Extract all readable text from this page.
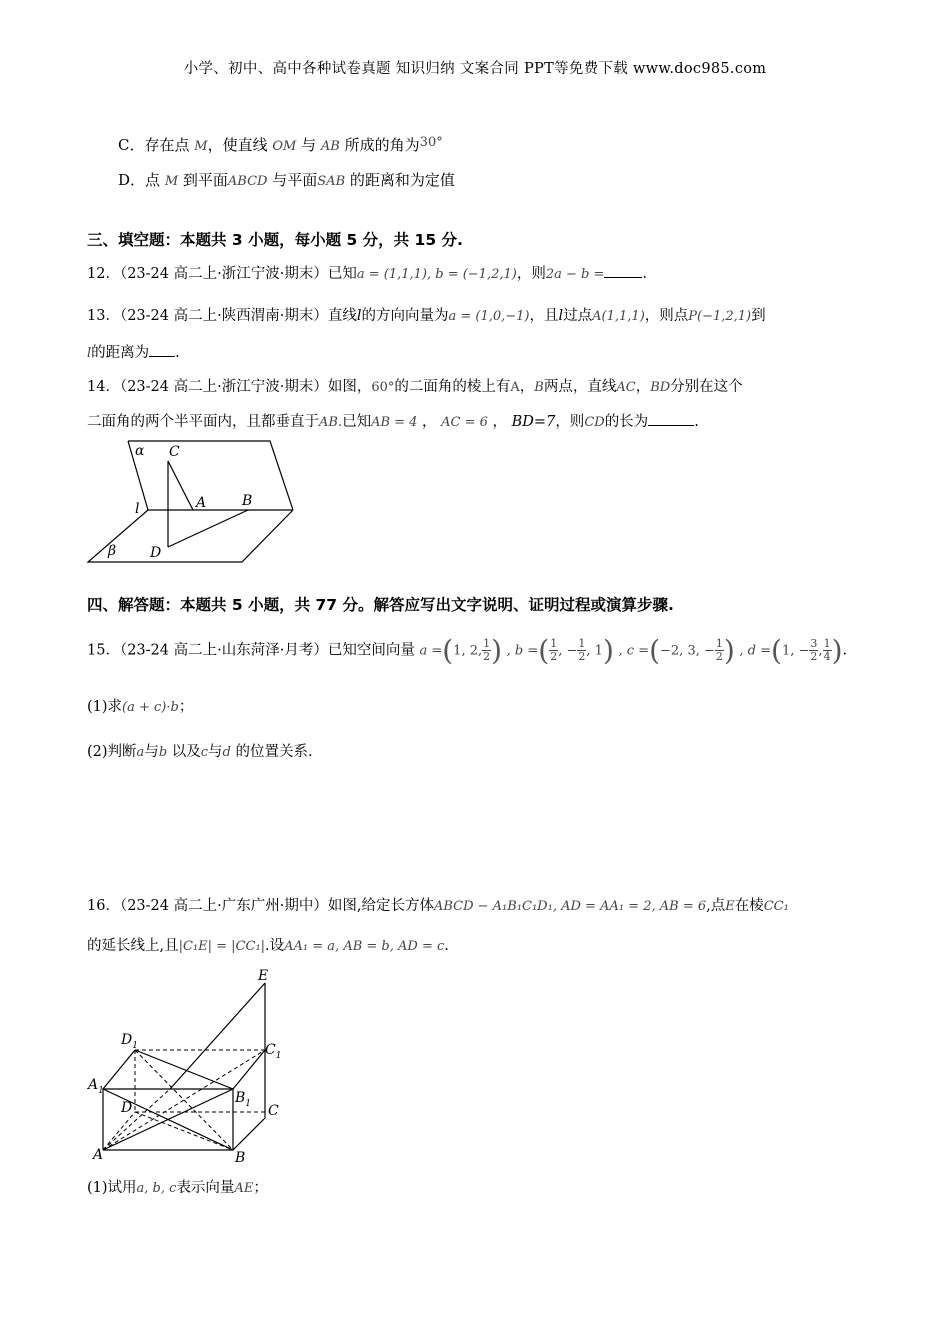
小学、初中、高中各种试卷真题 知识归纳 文案合同 PPT等免费下载 www.doc985.com
C．存在点 M，使直线 OM 与 AB 所成的角为30°
D．点 M 到平面ABCD 与平面SAB 的距离和为定值
三、填空题：本题共 3 小题，每小题 5 分，共 15 分.
12．（23-24 高二上·浙江宁波·期末）已知a = (1,1,1), b = (−1,2,1)，则2a − b =	.
13．（23-24 高二上·陕西渭南·期末）直线l的方向向量为a = (1,0,−1)，且l过点A(1,1,1)，则点P(−1,2,1)到
l的距离为 .
14．（23-24 高二上·浙江宁波·期末）如图，60°的二面角的棱上有A，B两点，直线AC，BD分别在这个
二面角的两个半平面内，且都垂直于AB.已知AB = 4 ， AC = 6 ， BD=7，则CD的长为	.
α C
A	B
l
β D
四、解答题：本题共 5 小题，共 77 分。解答应写出文字说明、证明过程或演算步骤.
15．（23-24 高二上·山东菏泽·月考）已知空间向量 a =(1, 2, $\frac{1}{2}$ ) , b =( $\frac{1}{2}$ , − $\frac{1}{2}$ , 1) , c =(−2, 3, − $\frac{1}{2}$ ) , d =(1, − $\frac{3}{2}$ , $\frac{1}{4}$ ).
(1)求(a + c)·b；
(2)判断a与b 以及c与d 的位置关系.
16．（23-24 高二上·广东广州·期中）如图,给定长方体ABCD − A₁B₁C₁D₁, AD = AA₁ = 2, AB = 6,点E在棱CC₁
的延长线上,且|C₁E| = |CC₁|.设AA₁ = a, AB = b, AD = c.
E
$D_1$	$C_1$
$A_1$	$B_1$
D	C
A	B
(1)试用a, b, c表示向量AE；
